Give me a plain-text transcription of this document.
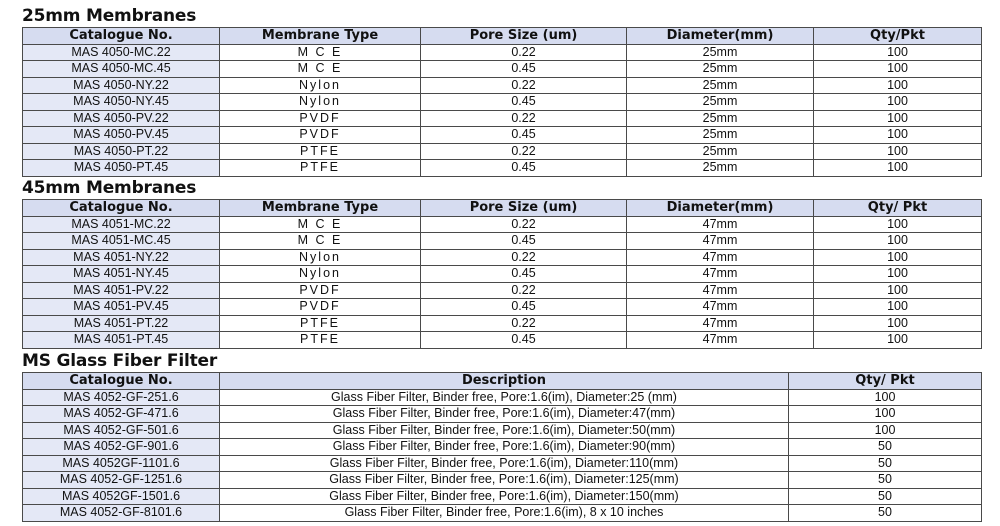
25mm Membranes
Catalogue No.	Membrane Type	Pore Size (um)	Diameter(mm)	Qty/Pkt
MAS 4050-MC.22	M C E	0.22	25mm	100
MAS 4050-MC.45	M C E	0.45	25mm	100
MAS 4050-NY.22	Nylon	0.22	25mm	100
MAS 4050-NY.45	Nylon	0.45	25mm	100
MAS 4050-PV.22	PVDF	0.22	25mm	100
MAS 4050-PV.45	PVDF	0.45	25mm	100
MAS 4050-PT.22	PTFE	0.22	25mm	100
MAS 4050-PT.45	PTFE	0.45	25mm	100
45mm Membranes
Catalogue No.	Membrane Type	Pore Size (um)	Diameter(mm)	Qty/ Pkt
MAS 4051-MC.22	M C E	0.22	47mm	100
MAS 4051-MC.45	M C E	0.45	47mm	100
MAS 4051-NY.22	Nylon	0.22	47mm	100
MAS 4051-NY.45	Nylon	0.45	47mm	100
MAS 4051-PV.22	PVDF	0.22	47mm	100
MAS 4051-PV.45	PVDF	0.45	47mm	100
MAS 4051-PT.22	PTFE	0.22	47mm	100
MAS 4051-PT.45	PTFE	0.45	47mm	100
MS Glass Fiber Filter
Catalogue No.	Description	Qty/ Pkt
MAS 4052-GF-251.6	Glass Fiber Filter, Binder free, Pore:1.6(im), Diameter:25 (mm)	100
MAS 4052-GF-471.6	Glass Fiber Filter, Binder free, Pore:1.6(im), Diameter:47(mm)	100
MAS 4052-GF-501.6	Glass Fiber Filter, Binder free, Pore:1.6(im), Diameter:50(mm)	100
MAS 4052-GF-901.6	Glass Fiber Filter, Binder free, Pore:1.6(im), Diameter:90(mm)	50
MAS 4052GF-1101.6	Glass Fiber Filter, Binder free, Pore:1.6(im), Diameter:110(mm)	50
MAS 4052-GF-1251.6	Glass Fiber Filter, Binder free, Pore:1.6(im), Diameter:125(mm)	50
MAS 4052GF-1501.6	Glass Fiber Filter, Binder free, Pore:1.6(im), Diameter:150(mm)	50
MAS 4052-GF-8101.6	Glass Fiber Filter, Binder free, Pore:1.6(im), 8 x 10 inches	50
